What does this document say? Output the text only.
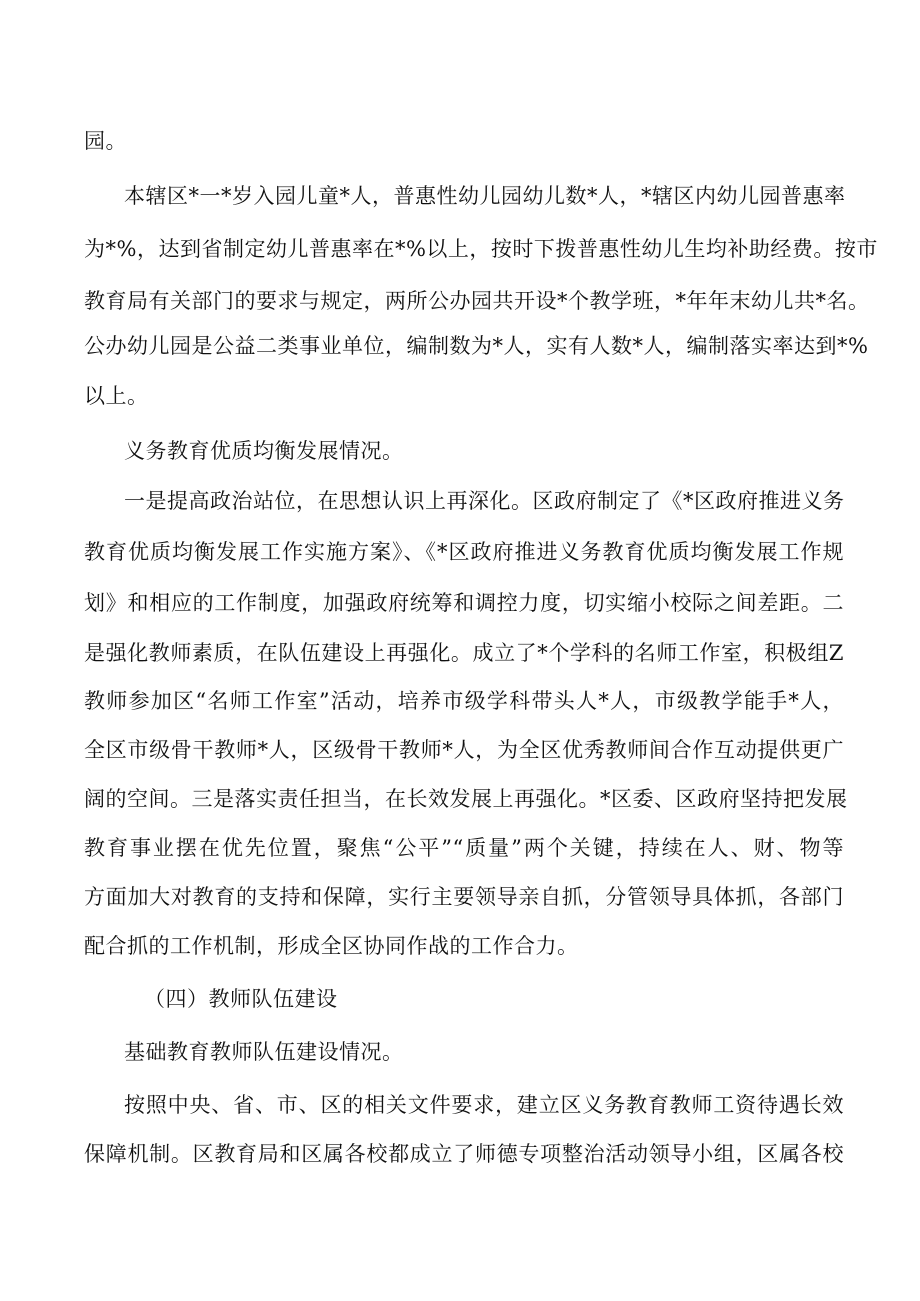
园。
本辖区*一*岁入园儿童*人，普惠性幼儿园幼儿数*人，*辖区内幼儿园普惠率
为*%，达到省制定幼儿普惠率在*%以上，按时下拨普惠性幼儿生均补助经费。按市
教育局有关部门的要求与规定，两所公办园共开设*个教学班，*年年末幼儿共*名。
公办幼儿园是公益二类事业单位，编制数为*人，实有人数*人，编制落实率达到*%
以上。
义务教育优质均衡发展情况。
一是提高政治站位，在思想认识上再深化。区政府制定了《*区政府推进义务
教育优质均衡发展工作实施方案》、《*区政府推进义务教育优质均衡发展工作规
划》和相应的工作制度，加强政府统筹和调控力度，切实缩小校际之间差距。二
是强化教师素质，在队伍建设上再强化。成立了*个学科的名师工作室，积极组Z
教师参加区“名师工作室”活动，培养市级学科带头人*人，市级教学能手*人，
全区市级骨干教师*人，区级骨干教师*人，为全区优秀教师间合作互动提供更广
阔的空间。三是落实责任担当，在长效发展上再强化。*区委、区政府坚持把发展
教育事业摆在优先位置，聚焦“公平”“质量”两个关键，持续在人、财、物等
方面加大对教育的支持和保障，实行主要领导亲自抓，分管领导具体抓，各部门
配合抓的工作机制，形成全区协同作战的工作合力。
（四）教师队伍建设
基础教育教师队伍建设情况。
按照中央、省、市、区的相关文件要求，建立区义务教育教师工资待遇长效
保障机制。区教育局和区属各校都成立了师德专项整治活动领导小组，区属各校
